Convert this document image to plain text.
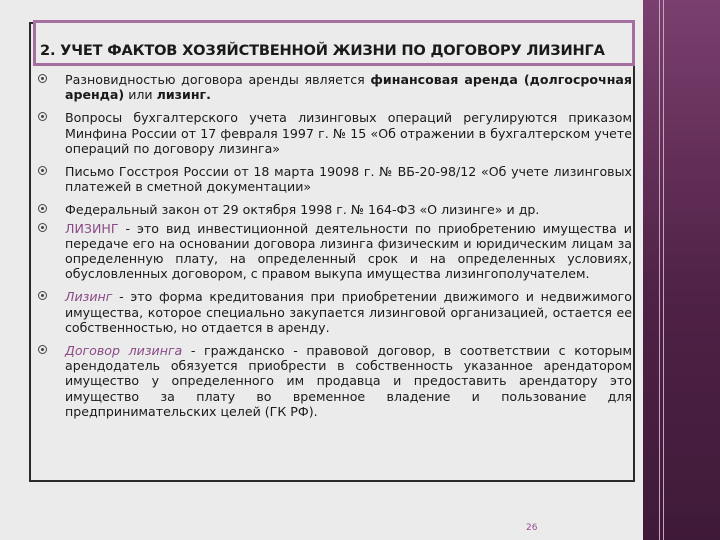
2. УЧЕТ ФАКТОВ ХОЗЯЙСТВЕННОЙ ЖИЗНИ ПО ДОГОВОРУ ЛИЗИНГА
Разновидностью договора аренды является финансовая аренда (долгосрочная аренда) или лизинг.
Вопросы бухгалтерского учета лизинговых операций регулируются приказом Минфина России от 17 февраля 1997 г. № 15 «Об отражении в бухгалтерском учете операций по договору лизинга»
Письмо Госстроя России от 18 марта 19098 г. № ВБ-20-98/12 «Об учете лизинговых платежей в сметной документации»
Федеральный закон от 29 октября 1998 г. № 164-ФЗ «О лизинге» и др.
ЛИЗИНГ - это вид инвестиционной деятельности по приобретению имущества и передаче его на основании договора лизинга физическим и юридическим лицам за определенную плату, на определенный срок и на определенных условиях, обусловленных договором, с правом выкупа имущества лизингополучателем.
Лизинг - это форма кредитования при приобретении движимого и недвижимого имущества, которое специально закупается лизинговой организацией, остается ее собственностью, но отдается в аренду.
Договор лизинга - гражданско - правовой договор, в соответствии с которым арендодатель обязуется приобрести в собственность указанное арендатором имущество у определенного им продавца и предоставить арендатору это имущество за плату во временное владение и пользование для предпринимательских целей (ГК РФ).
26
